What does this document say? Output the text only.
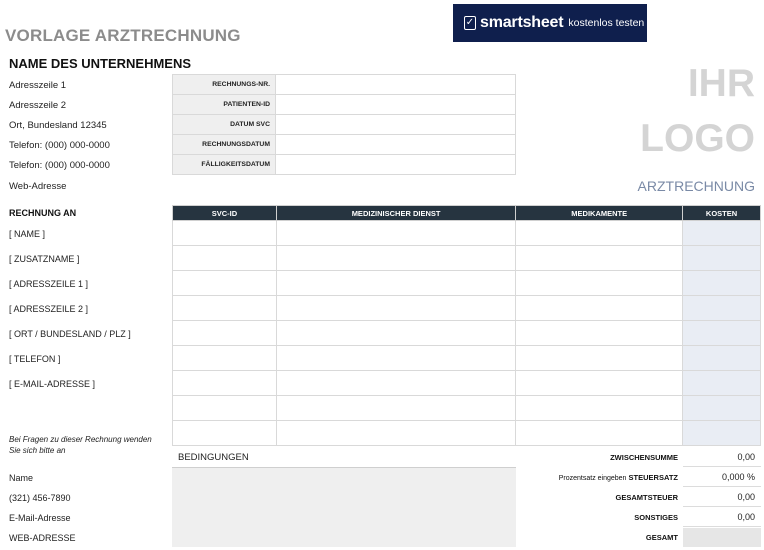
VORLAGE ARZTRECHNUNG
✓ smartsheet kostenlos testen
NAME DES UNTERNEHMENS
Adresszeile 1
Adresszeile 2
Ort, Bundesland 12345
Telefon: (000) 000-0000
Telefon: (000) 000-0000
Web-Adresse
IHR
LOGO
ARZTRECHNUNG
RECHNUNGS-NR.	
PATIENTEN-ID	
DATUM SVC	
RECHNUNGSDATUM	
FÄLLIGKEITSDATUM	
RECHNUNG AN
[ NAME ]
[ ZUSATZNAME ]
[ ADRESSZEILE 1 ]
[ ADRESSZEILE 2 ]
[ ORT / BUNDESLAND / PLZ ]
[ TELEFON ]
[ E-MAIL-ADRESSE ]
SVC-ID	MEDIZINISCHER DIENST	MEDIKAMENTE	KOSTEN

Bei Fragen zu dieser Rechnung wenden Sie sich bitte an
BEDINGUNGEN
Name
(321) 456-7890
E-Mail-Adresse
WEB-ADRESSE
ZWISCHENSUMME	0,00
Prozentsatz eingeben STEUERSATZ	0,000 %
GESAMTSTEUER	0,00
SONSTIGES	0,00
GESAMT
